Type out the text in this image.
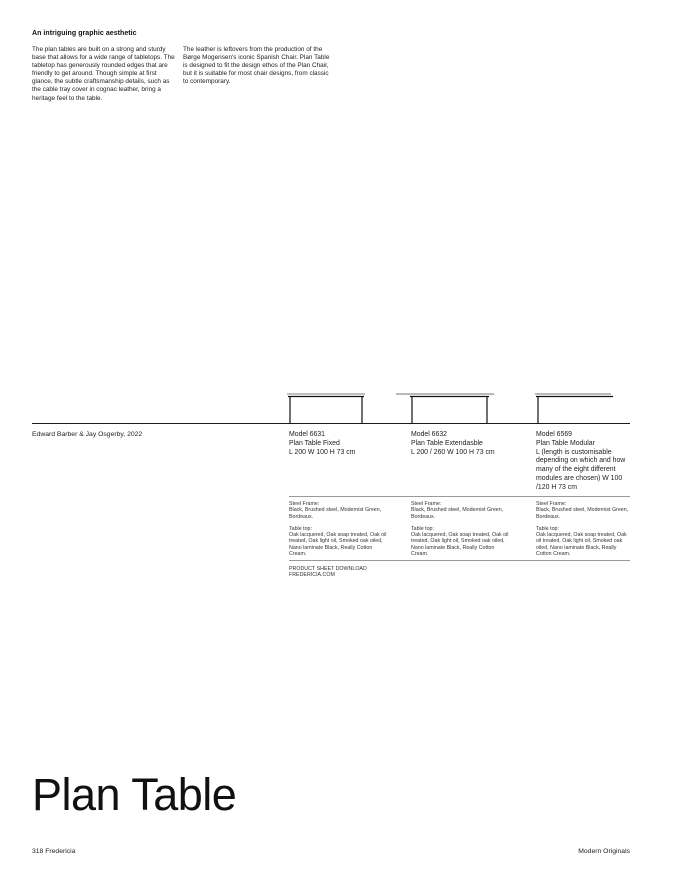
An intriguing graphic aesthetic
The plan tables are built on a strong and sturdy base that allows for a wide range of tabletops. The tabletop has generously rounded edges that are friendly to get around. Though simple at first glance, the subtle craftsmanship details, such as the cable tray cover in cognac leather, bring a heritage feel to the table.
The leather is leftovers from the production of the Børge Mogensen's iconic Spanish Chair. Plan Table is designed to fit the design ethos of the Plan Chair, but it is suitable for most chair designs, from classic to contemporary.
Edward Barber & Jay Osgerby, 2022	Model 6631
Plan Table Fixed
L 200 W 100 H 73 cm
Model 6632
Plan Table Extendasble
L 200 / 260 W 100 H 73 cm
Model 6569
Plan Table Modular
L (length is customisable depending on which and how many of the eight different modules are chosen) W 100 /120 H 73 cm
Steel Frame:
Black, Brushed steel, Modernist Green, Bordeaux.
Table top:
Oak lacquered, Oak soap treated, Oak oil treated, Oak light oil, Smoked oak oiled, Nano laminate Black, Really Cotton Cream.
Steel Frame:
Black, Brushed steel, Modernist Green, Bordeaux.
Table top:
Oak lacquered, Oak soap treated, Oak oil treated, Oak light oil, Smoked oak oiled, Nano laminate Black, Really Cotton Cream.
Steel Frame:
Black, Brushed steel, Modernist Green, Bordeaux.
Table top:
Oak lacquered, Oak soap treated, Oak oil treated, Oak light oil, Smoked oak oiled, Nano laminate Black, Really Cotton Cream.
PRODUCT SHEET DOWNLOAD
FREDERICIA.COM
Plan Table
318 Fredericia	Modern Originals
